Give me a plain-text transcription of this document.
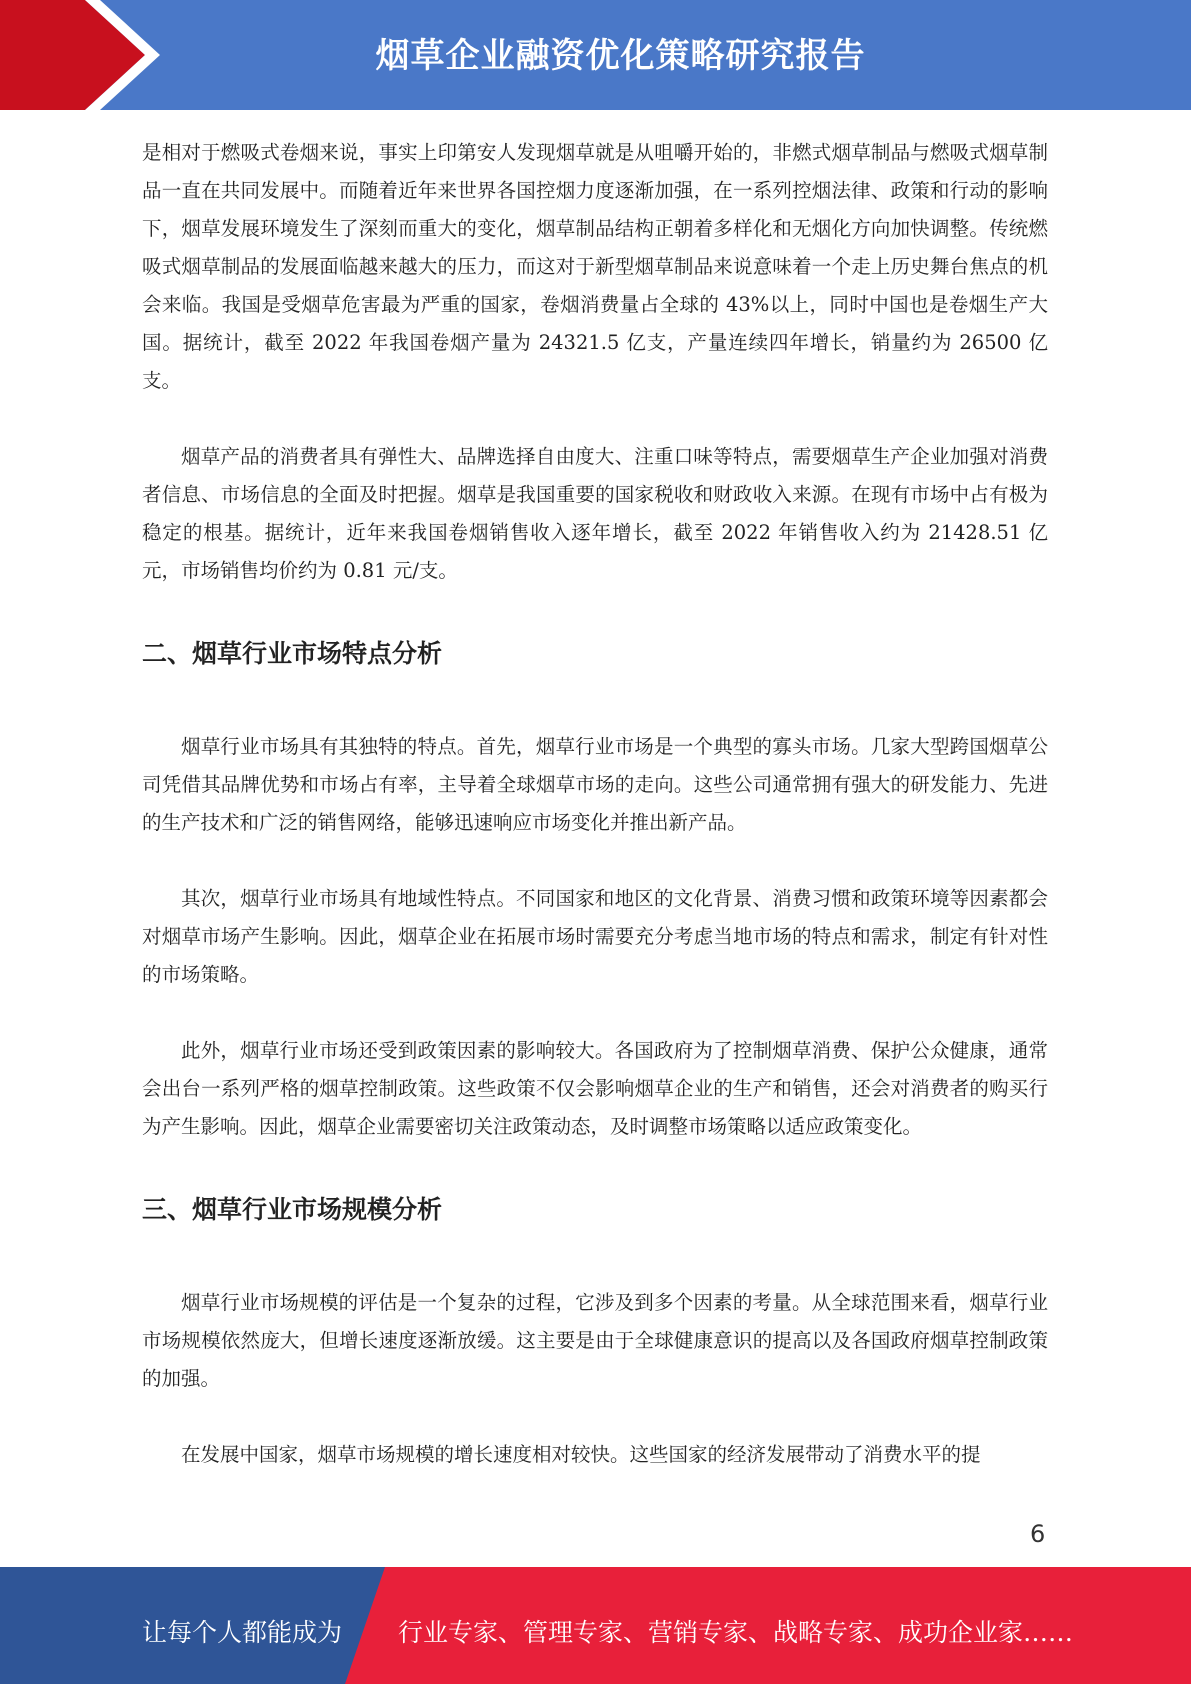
烟草企业融资优化策略研究报告

是相对于燃吸式卷烟来说，事实上印第安人发现烟草就是从咀嚼开始的，非燃式烟草制品与燃吸式烟草制品一直在共同发展中。而随着近年来世界各国控烟力度逐渐加强，在一系列控烟法律、政策和行动的影响下，烟草发展环境发生了深刻而重大的变化，烟草制品结构正朝着多样化和无烟化方向加快调整。传统燃吸式烟草制品的发展面临越来越大的压力，而这对于新型烟草制品来说意味着一个走上历史舞台焦点的机会来临。我国是受烟草危害最为严重的国家，卷烟消费量占全球的 43%以上，同时中国也是卷烟生产大国。据统计，截至 2022 年我国卷烟产量为 24321.5 亿支，产量连续四年增长，销量约为 26500 亿支。

烟草产品的消费者具有弹性大、品牌选择自由度大、注重口味等特点，需要烟草生产企业加强对消费者信息、市场信息的全面及时把握。烟草是我国重要的国家税收和财政收入来源。在现有市场中占有极为稳定的根基。据统计，近年来我国卷烟销售收入逐年增长，截至 2022 年销售收入约为 21428.51 亿元，市场销售均价约为 0.81 元/支。

二、烟草行业市场特点分析

烟草行业市场具有其独特的特点。首先，烟草行业市场是一个典型的寡头市场。几家大型跨国烟草公司凭借其品牌优势和市场占有率，主导着全球烟草市场的走向。这些公司通常拥有强大的研发能力、先进的生产技术和广泛的销售网络，能够迅速响应市场变化并推出新产品。

其次，烟草行业市场具有地域性特点。不同国家和地区的文化背景、消费习惯和政策环境等因素都会对烟草市场产生影响。因此，烟草企业在拓展市场时需要充分考虑当地市场的特点和需求，制定有针对性的市场策略。

此外，烟草行业市场还受到政策因素的影响较大。各国政府为了控制烟草消费、保护公众健康，通常会出台一系列严格的烟草控制政策。这些政策不仅会影响烟草企业的生产和销售，还会对消费者的购买行为产生影响。因此，烟草企业需要密切关注政策动态，及时调整市场策略以适应政策变化。

三、烟草行业市场规模分析

烟草行业市场规模的评估是一个复杂的过程，它涉及到多个因素的考量。从全球范围来看，烟草行业市场规模依然庞大，但增长速度逐渐放缓。这主要是由于全球健康意识的提高以及各国政府烟草控制政策的加强。

在发展中国家，烟草市场规模的增长速度相对较快。这些国家的经济发展带动了消费水平的提

6
让每个人都能成为 行业专家、管理专家、营销专家、战略专家、成功企业家……
